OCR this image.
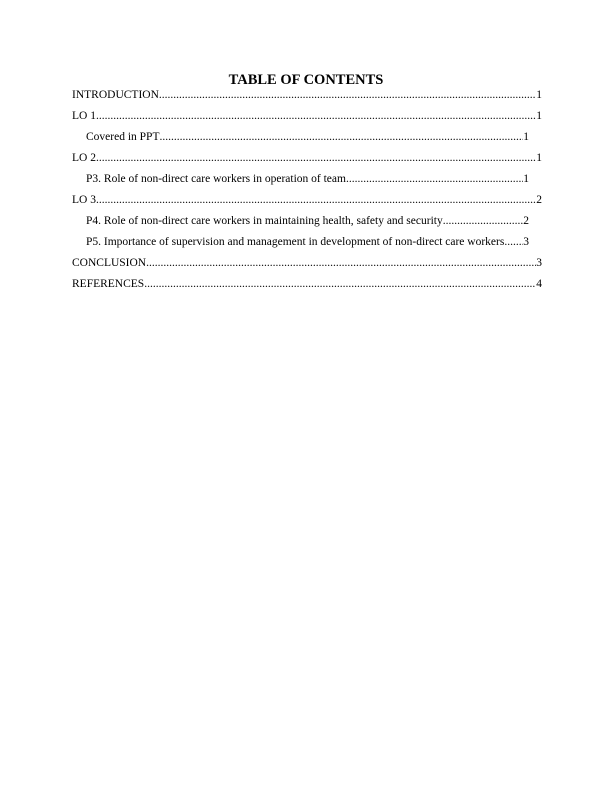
TABLE OF CONTENTS
INTRODUCTION .....	1
LO 1 .....	1
Covered in PPT .....	1
LO 2 .....	1
P3. Role of non-direct care workers in operation of team .....	1
LO 3 .....	2
P4. Role of non-direct care workers in maintaining health, safety and security .....	2
P5. Importance of supervision and management in development of non-direct care workers ..... 3
CONCLUSION .....	3
REFERENCES .....	4
